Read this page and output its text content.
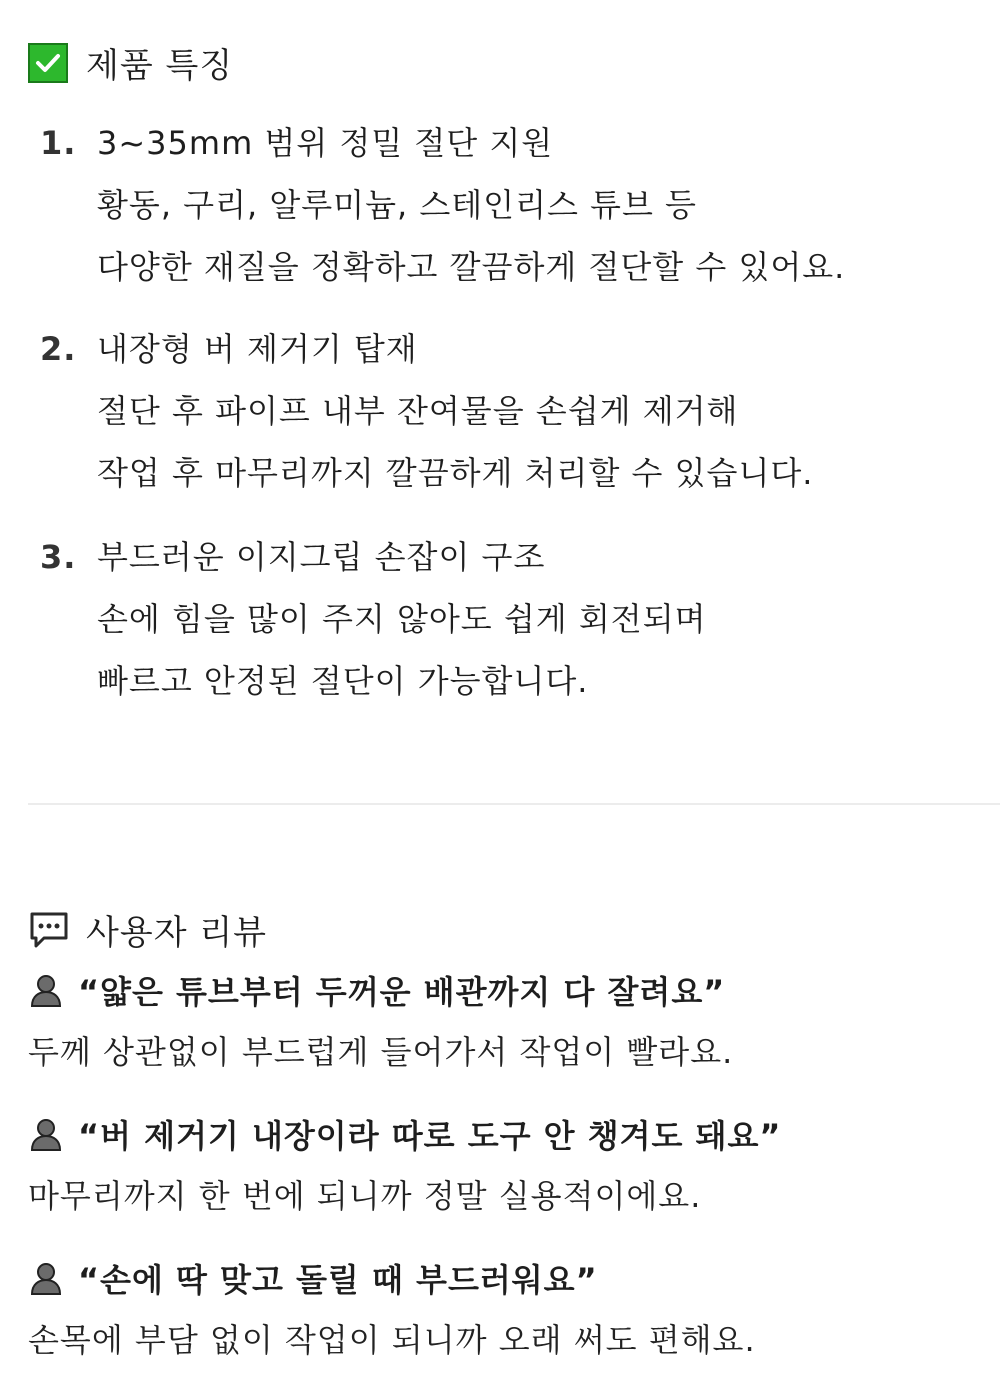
제품 특징
1. 3~35mm 범위 정밀 절단 지원
황동, 구리, 알루미늄, 스테인리스 튜브 등
다양한 재질을 정확하고 깔끔하게 절단할 수 있어요.
2. 내장형 버 제거기 탑재
절단 후 파이프 내부 잔여물을 손쉽게 제거해
작업 후 마무리까지 깔끔하게 처리할 수 있습니다.
3. 부드러운 이지그립 손잡이 구조
손에 힘을 많이 주지 않아도 쉽게 회전되며
빠르고 안정된 절단이 가능합니다.
사용자 리뷰
“얇은 튜브부터 두꺼운 배관까지 다 잘려요”
두께 상관없이 부드럽게 들어가서 작업이 빨라요.
“버 제거기 내장이라 따로 도구 안 챙겨도 돼요”
마무리까지 한 번에 되니까 정말 실용적이에요.
“손에 딱 맞고 돌릴 때 부드러워요”
손목에 부담 없이 작업이 되니까 오래 써도 편해요.
